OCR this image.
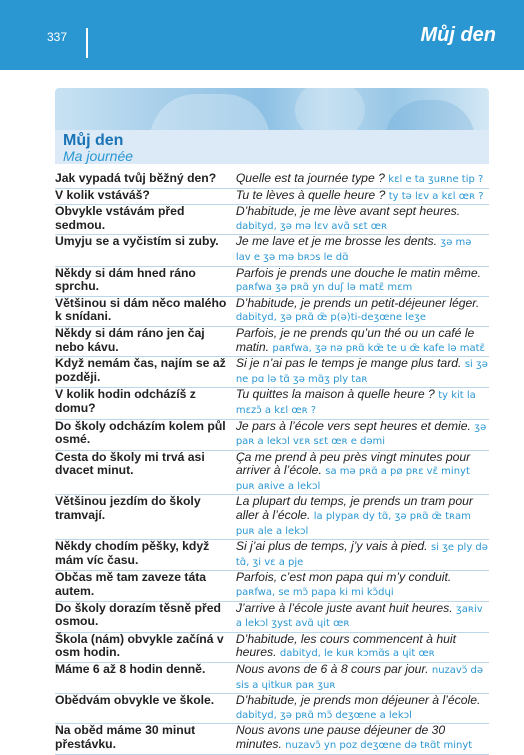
337	Můj den
Můj den
Ma journée
Jak vypadá tvůj běžný den?	Quelle est ta journée type ? kɛl e ta ʒuʀne tip ?
V kolik vstáváš?	Tu te lèves à quelle heure ? ty tə lɛv a kɛl œʀ ?
Obvykle vstávám před sedmou.	D’habitude, je me lève avant sept heures. dabityd, ʒə mə lɛv avɑ̃ sɛt œʀ
Umyju se a vyčistím si zuby.	Je me lave et je me brosse les dents. ʒə mə lav e ʒə mə bʀɔs le dɑ̃
Někdy si dám hned ráno sprchu.	Parfois je prends une douche le matin même. paʀfwa ʒə pʀɑ̃ yn duʃ lə matɛ̃ mɛm
Většinou si dám něco malého k snídani.	D’habitude, je prends un petit-déjeuner léger. dabityd, ʒə pʀɑ̃ œ̃ p(ə)ti-deʒœne leʒe
Někdy si dám ráno jen čaj nebo kávu.	Parfois, je ne prends qu’un thé ou un café le matin. paʀfwa, ʒə nə pʀɑ̃ kœ̃ te u œ̃ kafe lə matɛ̃
Když nemám čas, najím se až později.	Si je n’ai pas le temps je mange plus tard. si ʒə ne pɑ lə tɑ̃ ʒə mɑ̃ʒ ply taʀ
V kolik hodin odcházíš z domu?	Tu quittes la maison à quelle heure ? ty kit la mɛzɔ̃ a kɛl œʀ ?
Do školy odcházím kolem půl osmé.	Je pars à l’école vers sept heures et demie. ʒə paʀ a lekɔl vɛʀ sɛt œʀ e dəmi
Cesta do školy mi trvá asi dvacet minut.	Ça me prend à peu près vingt minutes pour arriver à l’école. sa mə pʀɑ̃ a pø pʀɛ vɛ̃ minyt puʀ aʀive a lekɔl
Většinou jezdím do školy tramvají.	La plupart du temps, je prends un tram pour aller à l’école. la plypaʀ dy tɑ̃, ʒə pʀɑ̃ œ̃ tʀam puʀ ale a lekɔl
Někdy chodím pěšky, když mám víc času.	Si j’ai plus de temps, j’y vais à pied. si ʒe ply də tɑ̃, ʒi vɛ a pje
Občas mě tam zaveze táta autem.	Parfois, c’est mon papa qui m’y conduit. paʀfwa, se mɔ̃ papa ki mi kɔ̃dɥi
Do školy dorazím těsně před osmou.	J’arrive à l’école juste avant huit heures. ʒaʀiv a lekɔl ʒyst avɑ̃ ɥit œʀ
Škola (nám) obvykle začíná v osm hodin.	D’habitude, les cours commencent à huit heures. dabityd, le kuʀ kɔmɑ̃s a ɥit œʀ
Máme 6 až 8 hodin denně.	Nous avons de 6 à 8 cours par jour. nuzavɔ̃ də sis a ɥitkuʀ paʀ ʒuʀ
Obědvám obvykle ve škole.	D’habitude, je prends mon déjeuner à l’école. dabityd, ʒə pʀɑ̃ mɔ̃ deʒœne a lekɔl
Na oběd máme 30 minut přestávku.	Nous avons une pause déjeuner de 30 minutes. nuzavɔ̃ yn poz deʒœne də tʀɑ̃t minyt
